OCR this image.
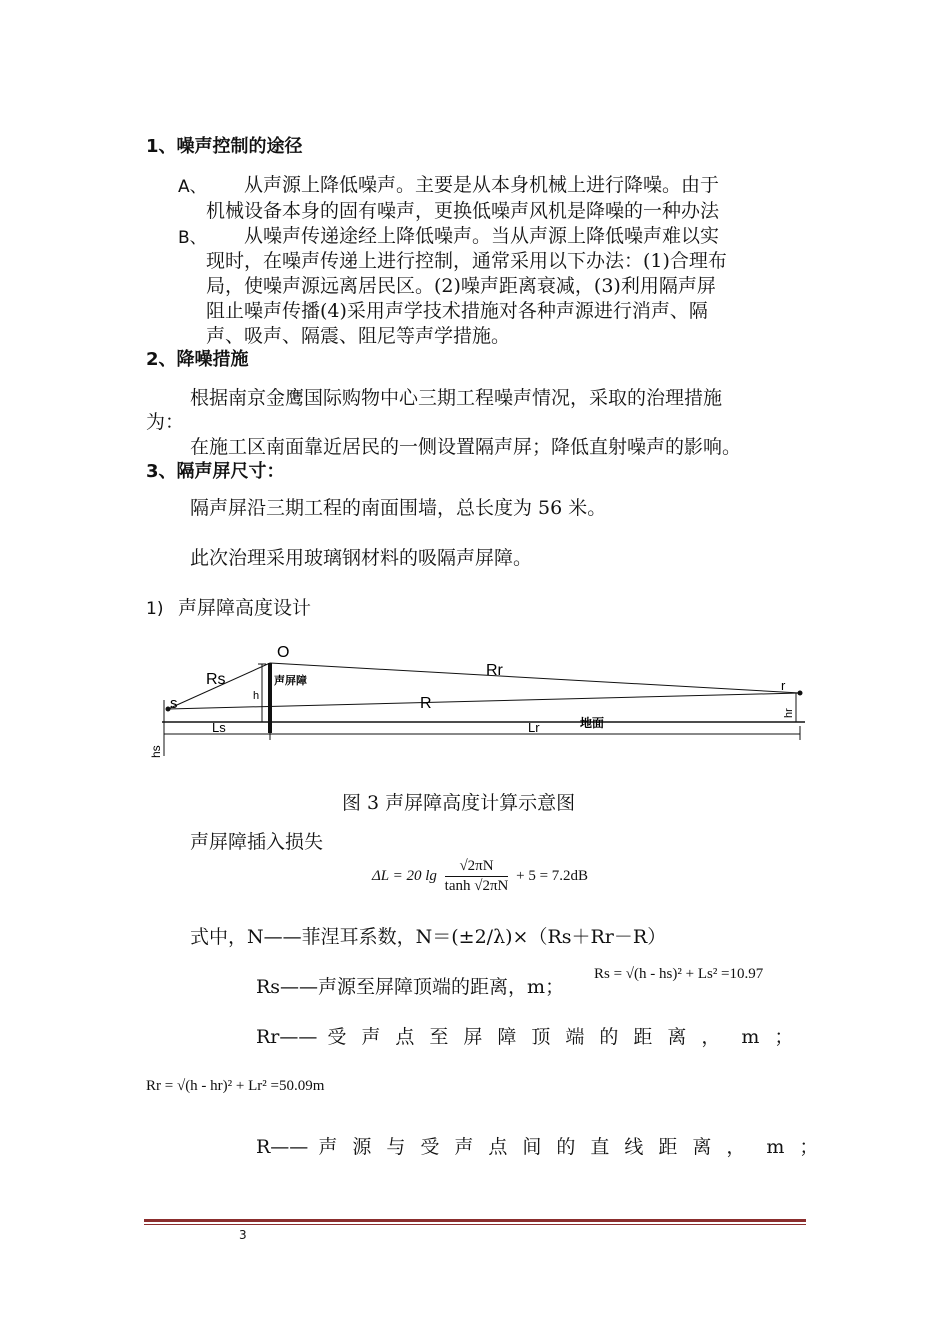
1、噪声控制的途径
A、 从声源上降低噪声。主要是从本身机械上进行降噪。由于
机械设备本身的固有噪声，更换低噪声风机是降噪的一种办法
B、 从噪声传递途经上降低噪声。当从声源上降低噪声难以实
现时，在噪声传递上进行控制，通常采用以下办法：(1)合理布
局，使噪声源远离居民区。(2)噪声距离衰减，(3)利用隔声屏
阻止噪声传播(4)采用声学技术措施对各种声源进行消声、隔
声、吸声、隔震、阻尼等声学措施。
2、降噪措施
根据南京金鹰国际购物中心三期工程噪声情况，采取的治理措施
为：
在施工区南面靠近居民的一侧设置隔声屏；降低直射噪声的影响。
3、隔声屏尺寸：
隔声屏沿三期工程的南面围墙，总长度为 56 米。
此次治理采用玻璃钢材料的吸隔声屏障。
1) 声屏障高度设计
O
Rs
Rr
R
s
r
h
声屏障
地面
Ls	Lr
hs
hr
图 3 声屏障高度计算示意图
声屏障插入损失
ΔL = 20 $\lg \frac{√2\pi N}{\tanh √2\pi N} + 5 = 7.2dB$
式中，N——菲涅耳系数，N＝(±2/λ)×（Rs＋Rr－R）
Rs——声源至屏障顶端的距离，m；
Rs = √(h - hs)² + Ls² =10.97
Rr—— 受声点至屏障顶端的距离， m；
Rr = √(h - hr)² + Lr² =50.09m
R—— 声源与受声点间的直线距离， m；
3
